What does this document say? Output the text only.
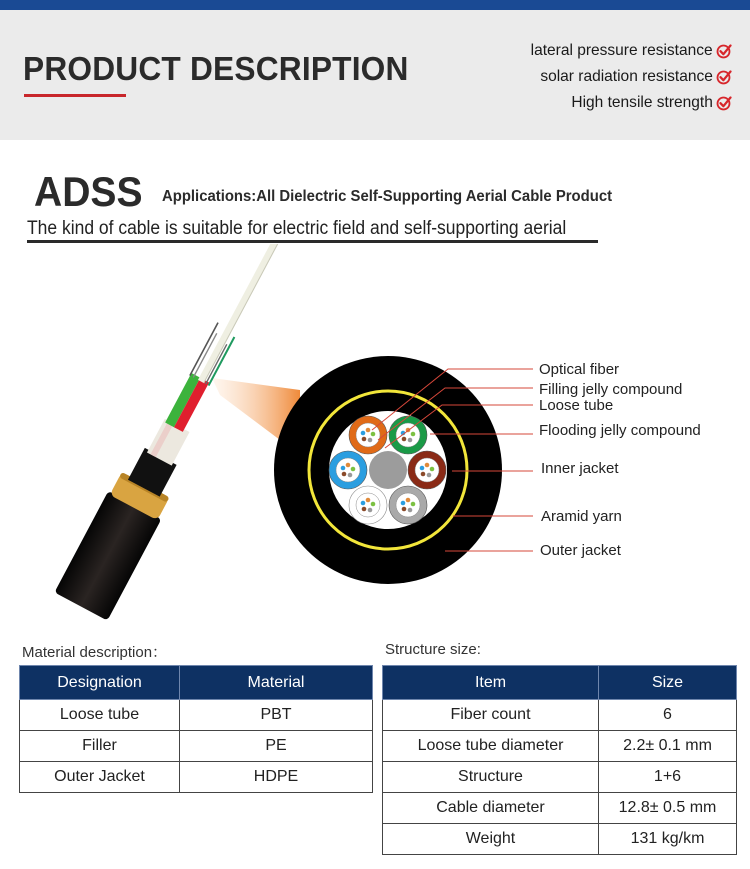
PRODUCT DESCRIPTION	lateral pressure resistance
solar radiation resistance
High tensile strength
ADSS Applications:All Dielectric Self-Supporting Aerial Cable Product
The kind of cable is suitable for electric field and self-supporting aerial
Optical fiber
Filling jelly compound
Loose tube
Flooding jelly compound
Inner jacket
Aramid yarn
Outer jacket
Material description：
Designation	Material
Loose tube	PBT
Filler	PE
Outer Jacket	HDPE
Structure size:
Item	Size
Fiber count	6
Loose tube diameter	2.2± 0.1 mm
Structure	1+6
Cable diameter	12.8± 0.5 mm
Weight	131 kg/km
